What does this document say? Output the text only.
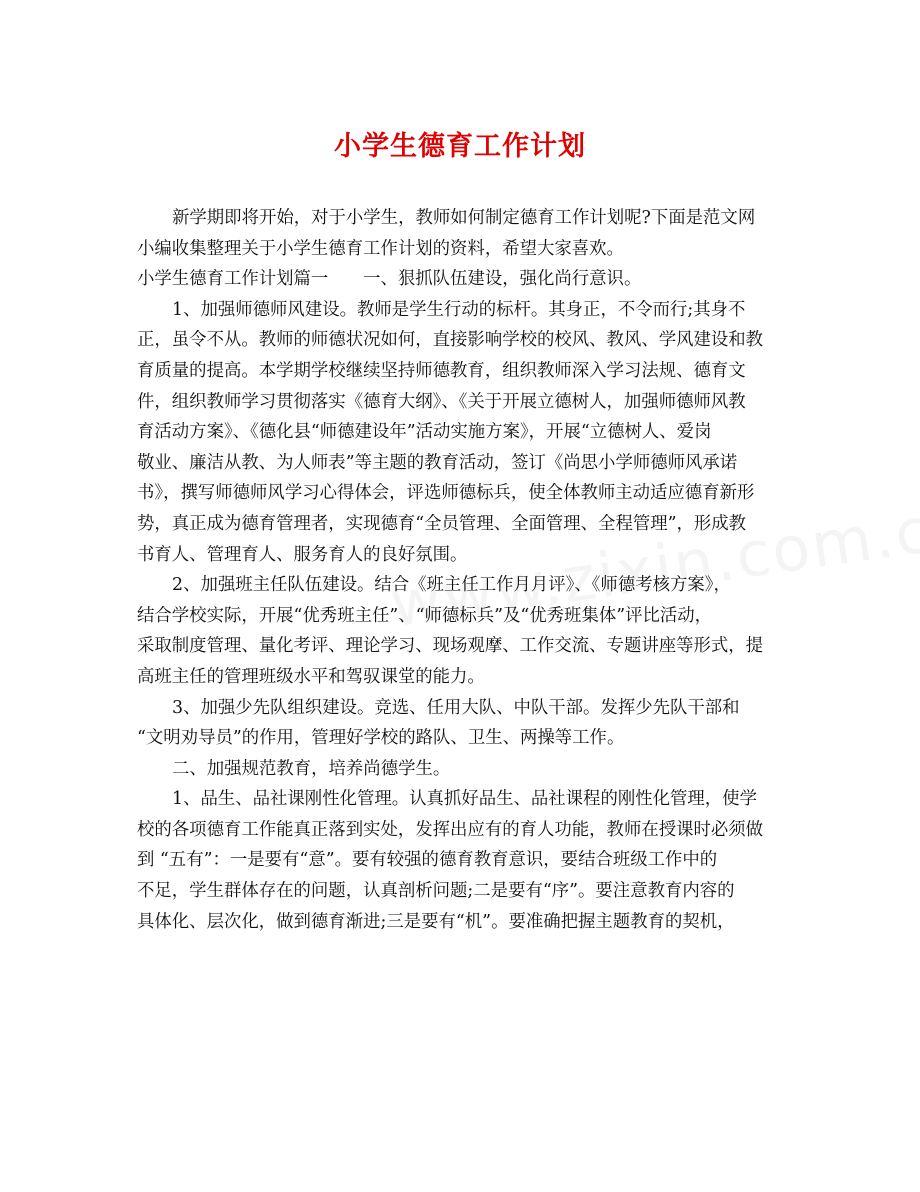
小学生德育工作计划
新学期即将开始，对于小学生，教师如何制定德育工作计划呢?下面是范文网
小编收集整理关于小学生德育工作计划的资料，希望大家喜欢。
小学生德育工作计划篇一　　一、狠抓队伍建设，强化尚行意识。
1、加强师德师风建设。教师是学生行动的标杆。其身正，不令而行;其身不
正，虽令不从。教师的师德状况如何，直接影响学校的校风、教风、学风建设和教
育质量的提高。本学期学校继续坚持师德教育，组织教师深入学习法规、德育文
件，组织教师学习贯彻落实《德育大纲》、《关于开展立德树人，加强师德师风教
育活动方案》、《德化县“师德建设年”活动实施方案》，开展“立德树人、爱岗
敬业、廉洁从教、为人师表”等主题的教育活动，签订《尚思小学师德师风承诺
书》，撰写师德师风学习心得体会，评选师德标兵，使全体教师主动适应德育新形
势，真正成为德育管理者，实现德育“全员管理、全面管理、全程管理”，形成教
书育人、管理育人、服务育人的良好氛围。
2、加强班主任队伍建设。结合《班主任工作月月评》、《师德考核方案》，
结合学校实际，开展“优秀班主任”、“师德标兵”及“优秀班集体”评比活动，
采取制度管理、量化考评、理论学习、现场观摩、工作交流、专题讲座等形式，提
高班主任的管理班级水平和驾驭课堂的能力。
3、加强少先队组织建设。竞选、任用大队、中队干部。发挥少先队干部和
“文明劝导员”的作用，管理好学校的路队、卫生、两操等工作。
二、加强规范教育，培养尚德学生。
1、品生、品社课刚性化管理。认真抓好品生、品社课程的刚性化管理，使学
校的各项德育工作能真正落到实处，发挥出应有的育人功能，教师在授课时必须做
到 “五有”：一是要有“意”。要有较强的德育教育意识，要结合班级工作中的
不足，学生群体存在的问题，认真剖析问题;二是要有“序”。要注意教育内容的
具体化、层次化，做到德育渐进;三是要有“机”。要准确把握主题教育的契机，
